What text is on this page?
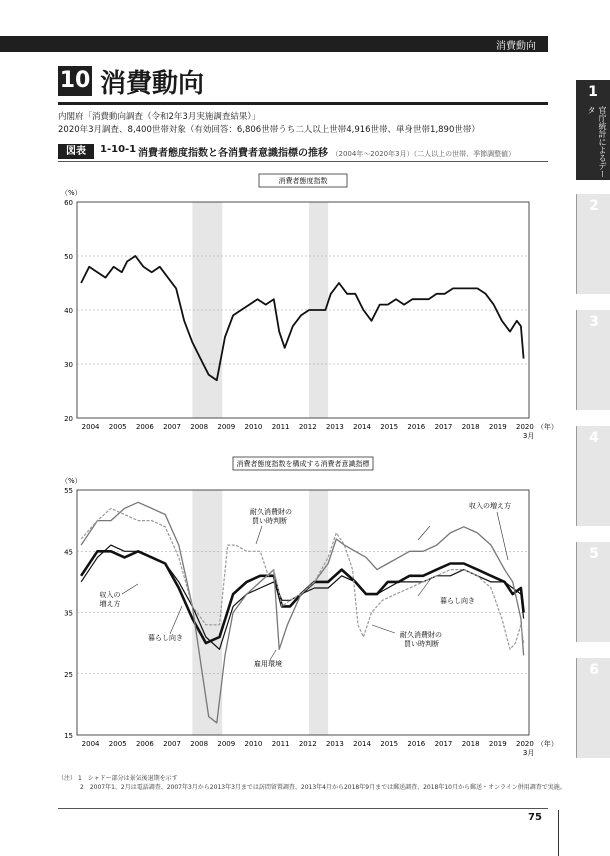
消費動向
10 消費動向
内閣府「消費動向調査（令和2年3月実施調査結果）」
2020年3月調査、8,400世帯対象（有効回答：6,806世帯うち二人以上世帯4,916世帯、単身世帯1,890世帯）
図表	1-10-1 消費者態度指数と各消費者意識指標の推移 （2004年～2020年3月）（二人以上の世帯、季節調整値）
1
官庁統計によるデータ
2
3
4
5
6
20
30
40
50
60
（%）
2004 2005 2006 2007 2008 2009 2010 2011 2012 2013 2014 2015 2016 2017 2018 2019 2020 （年）
3月
消費者態度指数
15
25
35
45
55
（%）
2004 2005 2006 2007 2008 2009 2010 2011 2012 2013 2014 2015 2016 2017 2018 2019 2020 （年）
3月
消費者態度指数を構成する消費者意識指標
収入の増え方
耐久消費財の
買い時判断
雇用環境
暮らし向き
収入の
増え方
暮らし向き
耐久消費財の
買い時判断
（注） 1　シャドー部分は景気後退期を示す
2　2007年1、2月は電話調査、2007年3月から2013年3月までは訪問留置調査、2013年4月から2018年9月までは郵送調査、2018年10月から郵送・オンライン併用調査で実施。
75
